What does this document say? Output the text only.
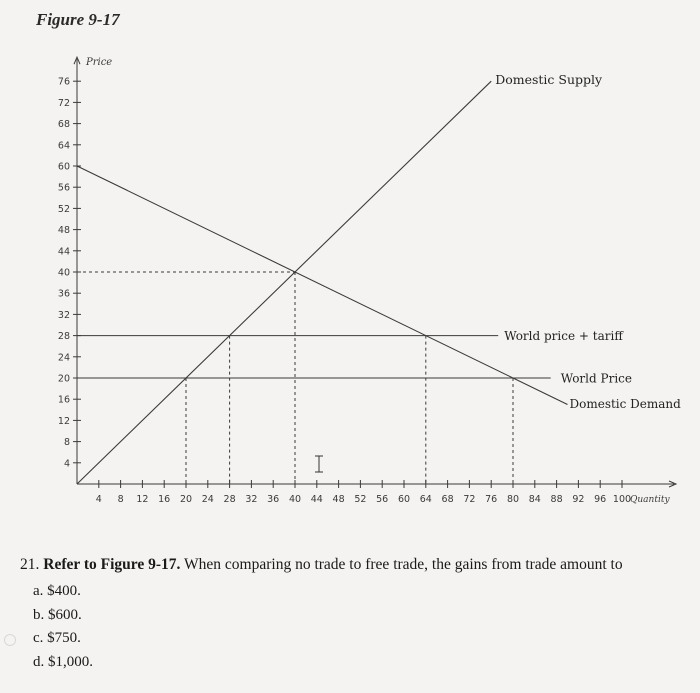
Figure 9-17
Price
Quantity
4
8
12
16
20
24
28
32
36
40
44
48
52
56
60
64
68
72
76
4 8 12 16 20 24 28 32 36 40 44 48 52 56 60 64 68 72 76 80 84 88 92 96 100
World price + tariff
World Price
Domestic Supply
Domestic Demand
21. Refer to Figure 9-17. When comparing no trade to free trade, the gains from trade amount to
a. $400.
b. $600.
c. $750.
d. $1,000.
